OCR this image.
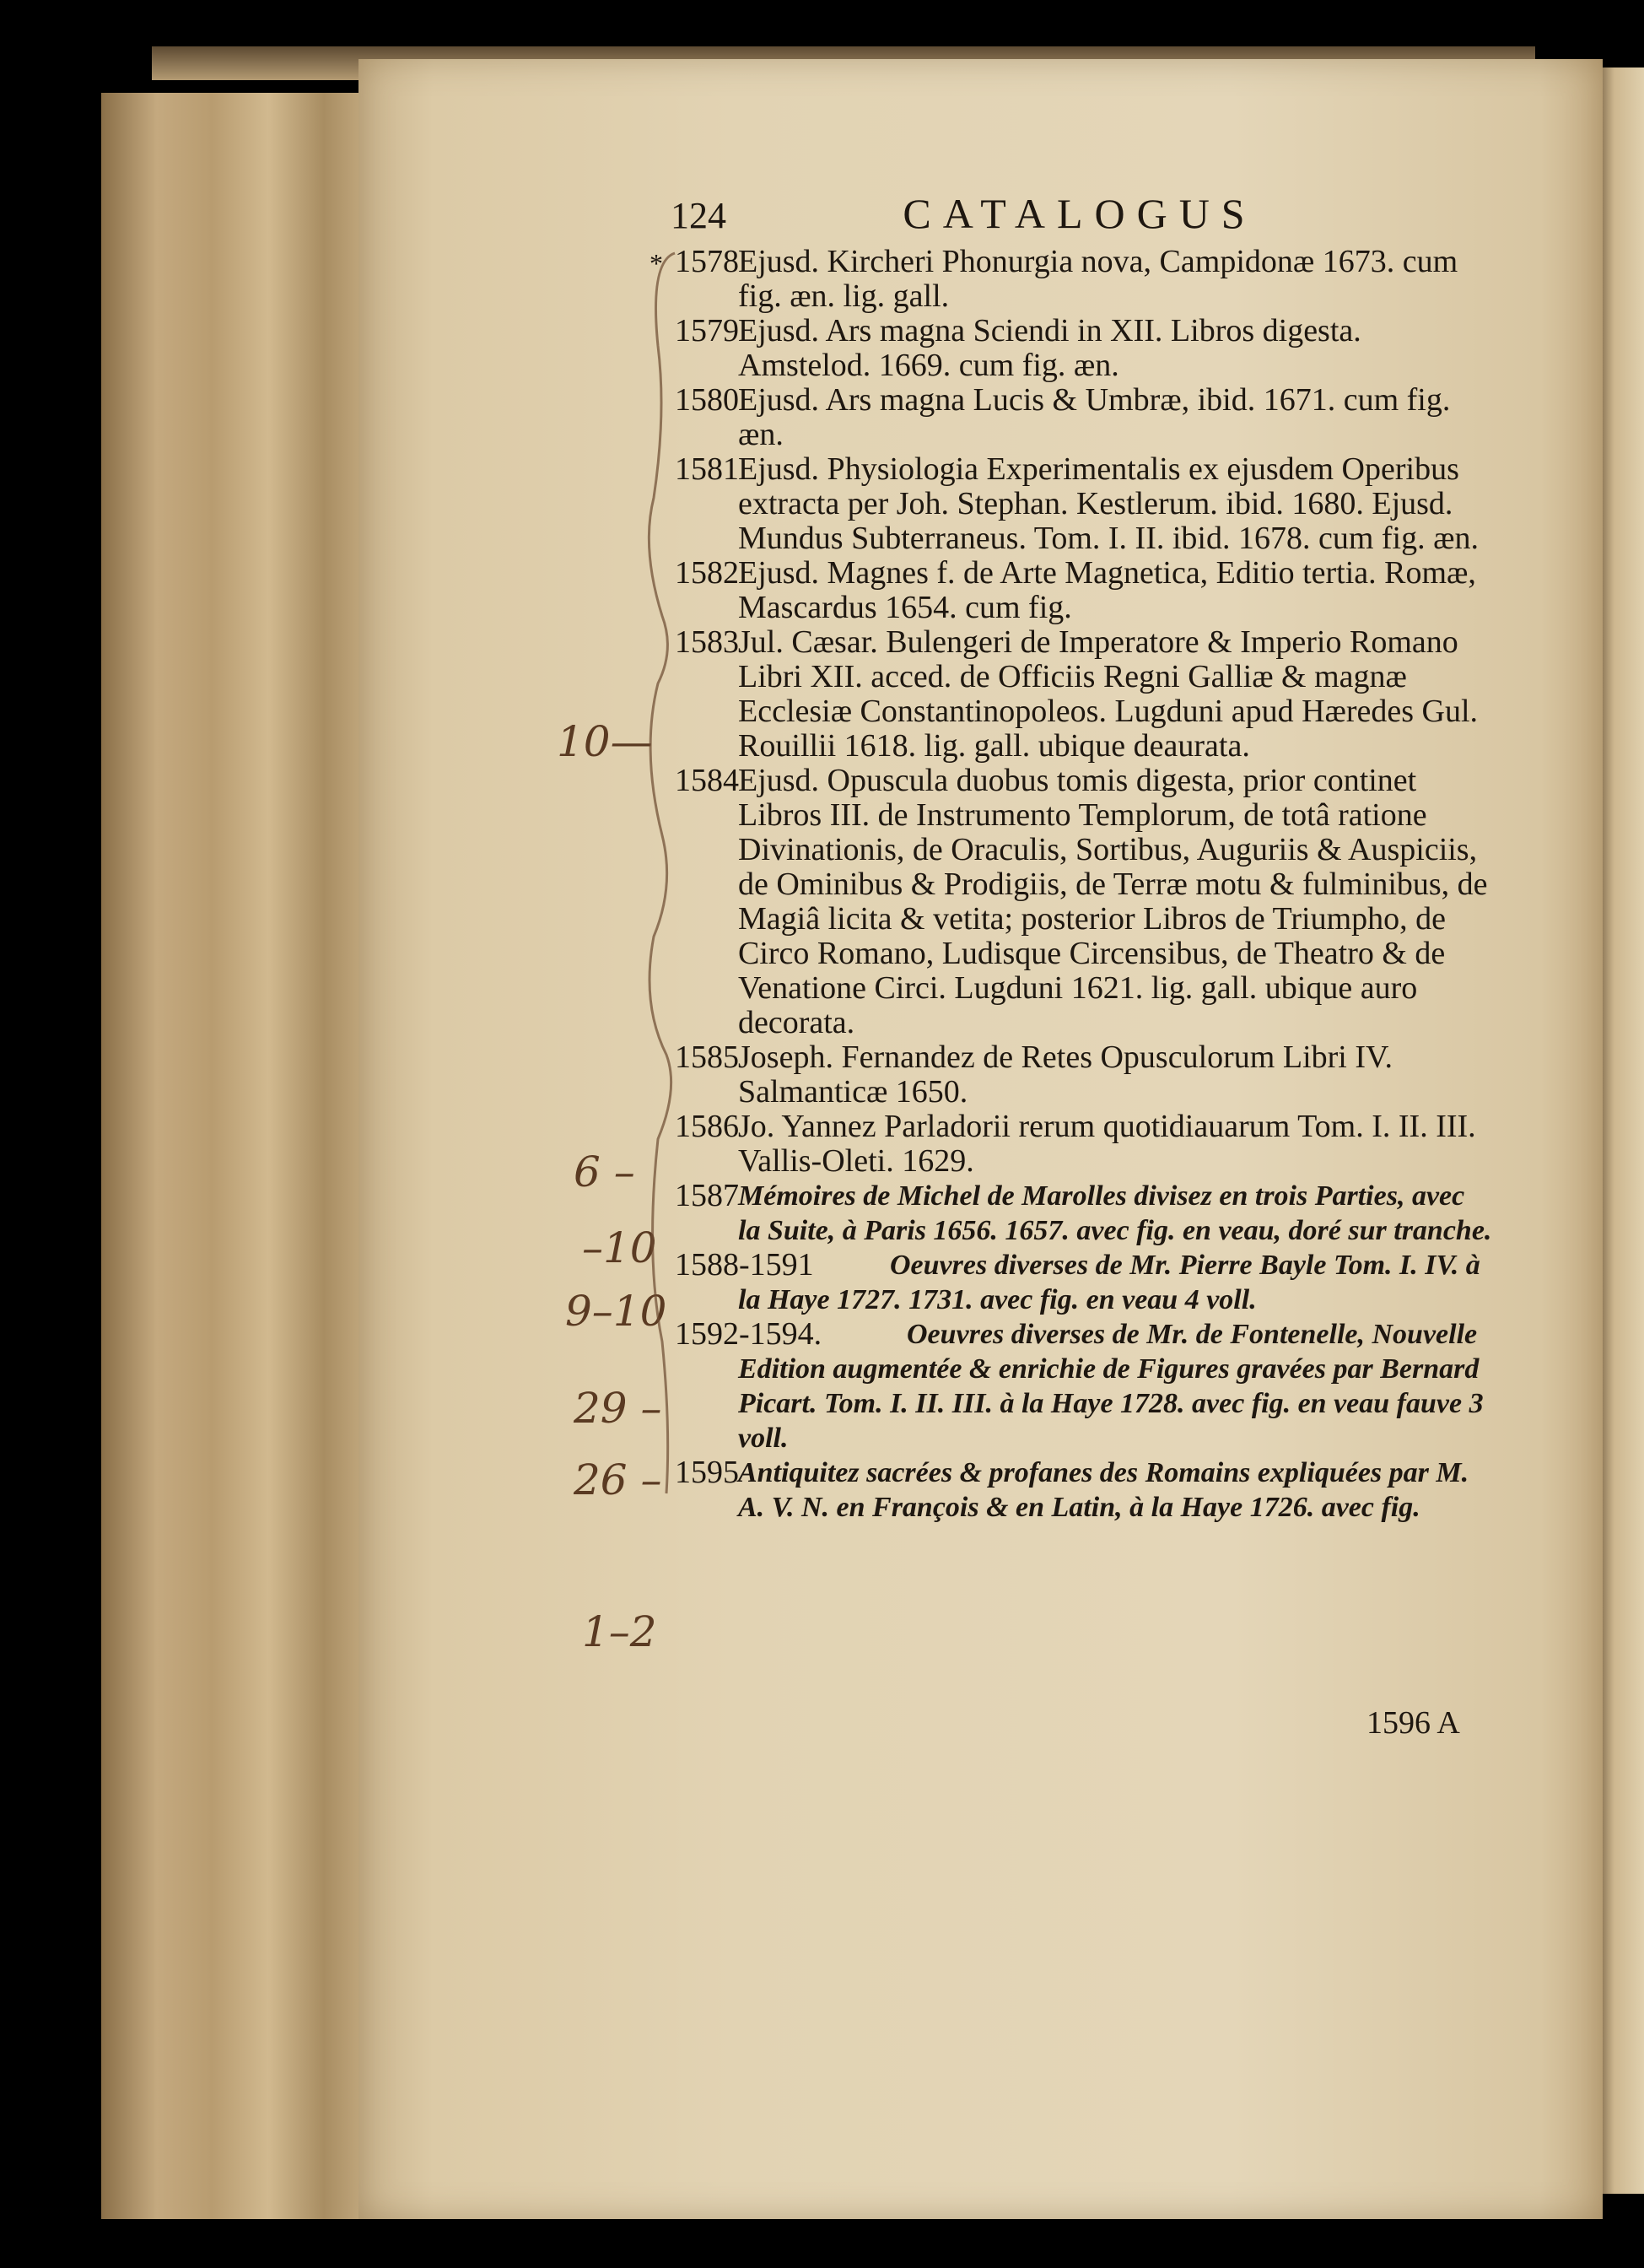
124	CATALOGUS
* 1578 Ejusd. Kircheri Phonurgia nova, Campidonæ 1673. cum fig. æn. lig. gall.
1579 Ejusd. Ars magna Sciendi in XII. Libros digesta. Amstelod. 1669. cum fig. æn.
1580 Ejusd. Ars magna Lucis & Umbræ, ibid. 1671. cum fig. æn.
1581 Ejusd. Physiologia Experimentalis ex ejusdem Operibus extracta per Joh. Stephan. Kestlerum. ibid. 1680. Ejusd. Mundus Subterraneus. Tom. I. II. ibid. 1678. cum fig. æn.
1582 Ejusd. Magnes f. de Arte Magnetica, Editio tertia. Romæ, Mascardus 1654. cum fig.
1583 Jul. Cæsar. Bulengeri de Imperatore & Imperio Romano Libri XII. acced. de Officiis Regni Galliæ & magnæ Ecclesiæ Constantinopoleos. Lugduni apud Hæredes Gul. Rouillii 1618. lig. gall. ubique deaurata.
1584 Ejusd. Opuscula duobus tomis digesta, prior continet Libros III. de Instrumento Templorum, de totâ ratione Divinationis, de Oraculis, Sortibus, Auguriis & Auspiciis, de Ominibus & Prodigiis, de Terræ motu & fulminibus, de Magiâ licita & vetita; posterior Libros de Triumpho, de Circo Romano, Ludisque Circensibus, de Theatro & de Venatione Circi. Lugduni 1621. lig. gall. ubique auro decorata.
1585 Joseph. Fernandez de Retes Opusculorum Libri IV. Salmanticæ 1650.
1586 Jo. Yannez Parladorii rerum quotidiauarum Tom. I. II. III. Vallis-Oleti. 1629.
1587 Mémoires de Michel de Marolles divisez en trois Parties, avec la Suite, à Paris 1656. 1657. avec fig. en veau, doré sur tranche.
1588-1591	Oeuvres diverses de Mr. Pierre Bayle Tom. I. IV. à la Haye 1727. 1731. avec fig. en veau 4 voll.
1592-1594.	Oeuvres diverses de Mr. de Fontenelle, Nouvelle Edition augmentée & enrichie de Figures gravées par Bernard Picart. Tom. I. II. III. à la Haye 1728. avec fig. en veau fauve 3 voll.
1595 Antiquitez sacrées & profanes des Romains expliquées par M. A. V. N. en François & en Latin, à la Haye 1726. avec fig.
10—
6 –
–10
9–10
29 –
26 –
1–2
1596 A
